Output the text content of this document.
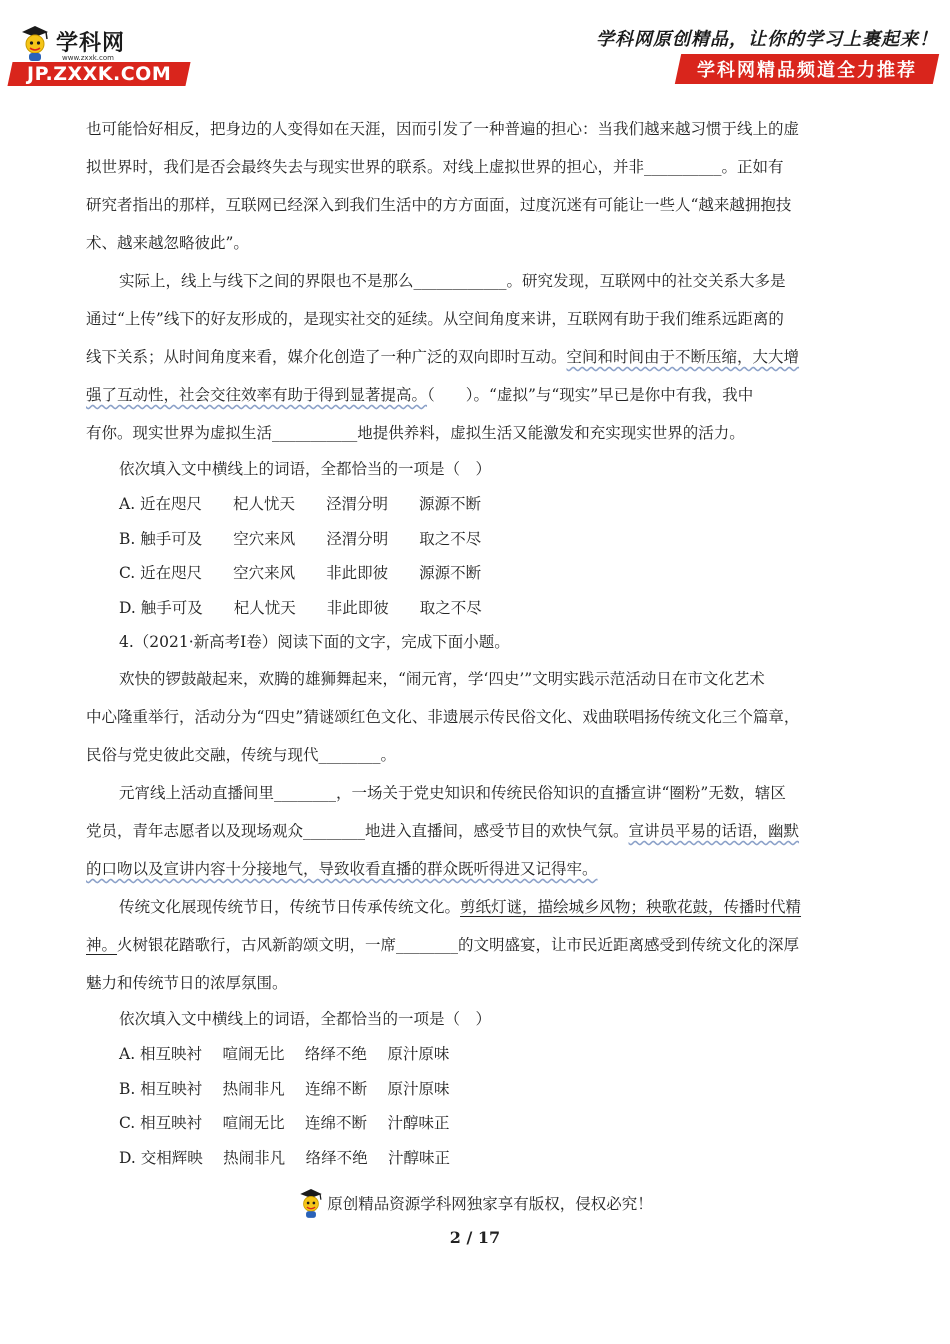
学科网
www.zxxk.com
JP.ZXXK.COM
学科网原创精品，让你的学习上裹起来！
学科网精品频道全力推荐

也可能恰好相反，把身边的人变得如在天涯，因而引发了一种普遍的担心：当我们越来越习惯于线上的虚
拟世界时，我们是否会最终失去与现实世界的联系。对线上虚拟世界的担心，并非__________。正如有
研究者指出的那样，互联网已经深入到我们生活中的方方面面，过度沉迷有可能让一些人“越来越拥抱技
术、越来越忽略彼此”。

实际上，线上与线下之间的界限也不是那么____________。研究发现，互联网中的社交关系大多是
通过“上传”线下的好友形成的，是现实社交的延续。从空间角度来讲，互联网有助于我们维系远距离的
线下关系；从时间角度来看，媒介化创造了一种广泛的双向即时互动。空间和时间由于不断压缩，大大增
强了互动性，社会交往效率有助于得到显著提高。（　　）。“虚拟”与“现实”早已是你中有我，我中
有你。现实世界为虚拟生活___________地提供养料，虚拟生活又能激发和充实现实世界的活力。

依次填入文中横线上的词语，全都恰当的一项是（　）

A. 近在咫尺　　杞人忧天　　泾渭分明　　源源不断

B. 触手可及　　空穴来风　　泾渭分明　　取之不尽

C. 近在咫尺　　空穴来风　　非此即彼　　源源不断

D. 触手可及　　杞人忧天　　非此即彼　　取之不尽

4.（2021·新高考Ⅰ卷）阅读下面的文字，完成下面小题。

欢快的锣鼓敲起来，欢腾的雄狮舞起来，“闹元宵，学‘四史’”文明实践示范活动日在市文化艺术
中心隆重举行，活动分为“四史”猜谜颂红色文化、非遗展示传民俗文化、戏曲联唱扬传统文化三个篇章，
民俗与党史彼此交融，传统与现代________。

元宵线上活动直播间里________，一场关于党史知识和传统民俗知识的直播宣讲“圈粉”无数，辖区
党员，青年志愿者以及现场观众________地进入直播间，感受节目的欢快气氛。宣讲员平易的话语，幽默
的口吻以及宣讲内容十分接地气，导致收看直播的群众既听得进又记得牢。

传统文化展现传统节日，传统节日传承传统文化。剪纸灯谜，描绘城乡风物；秧歌花鼓，传播时代精
神。火树银花踏歌行，古风新韵颂文明，一席________的文明盛宴，让市民近距离感受到传统文化的深厚
魅力和传统节日的浓厚氛围。

依次填入文中横线上的词语，全都恰当的一项是（　）

A. 相互映衬　 喧闹无比　 络绎不绝　 原汁原味

B. 相互映衬　 热闹非凡　 连绵不断　 原汁原味

C. 相互映衬　 喧闹无比　 连绵不断　 汁醇味正

D. 交相辉映　 热闹非凡　 络绎不绝　 汁醇味正

原创精品资源学科网独家享有版权，侵权必究！
2 / 17
